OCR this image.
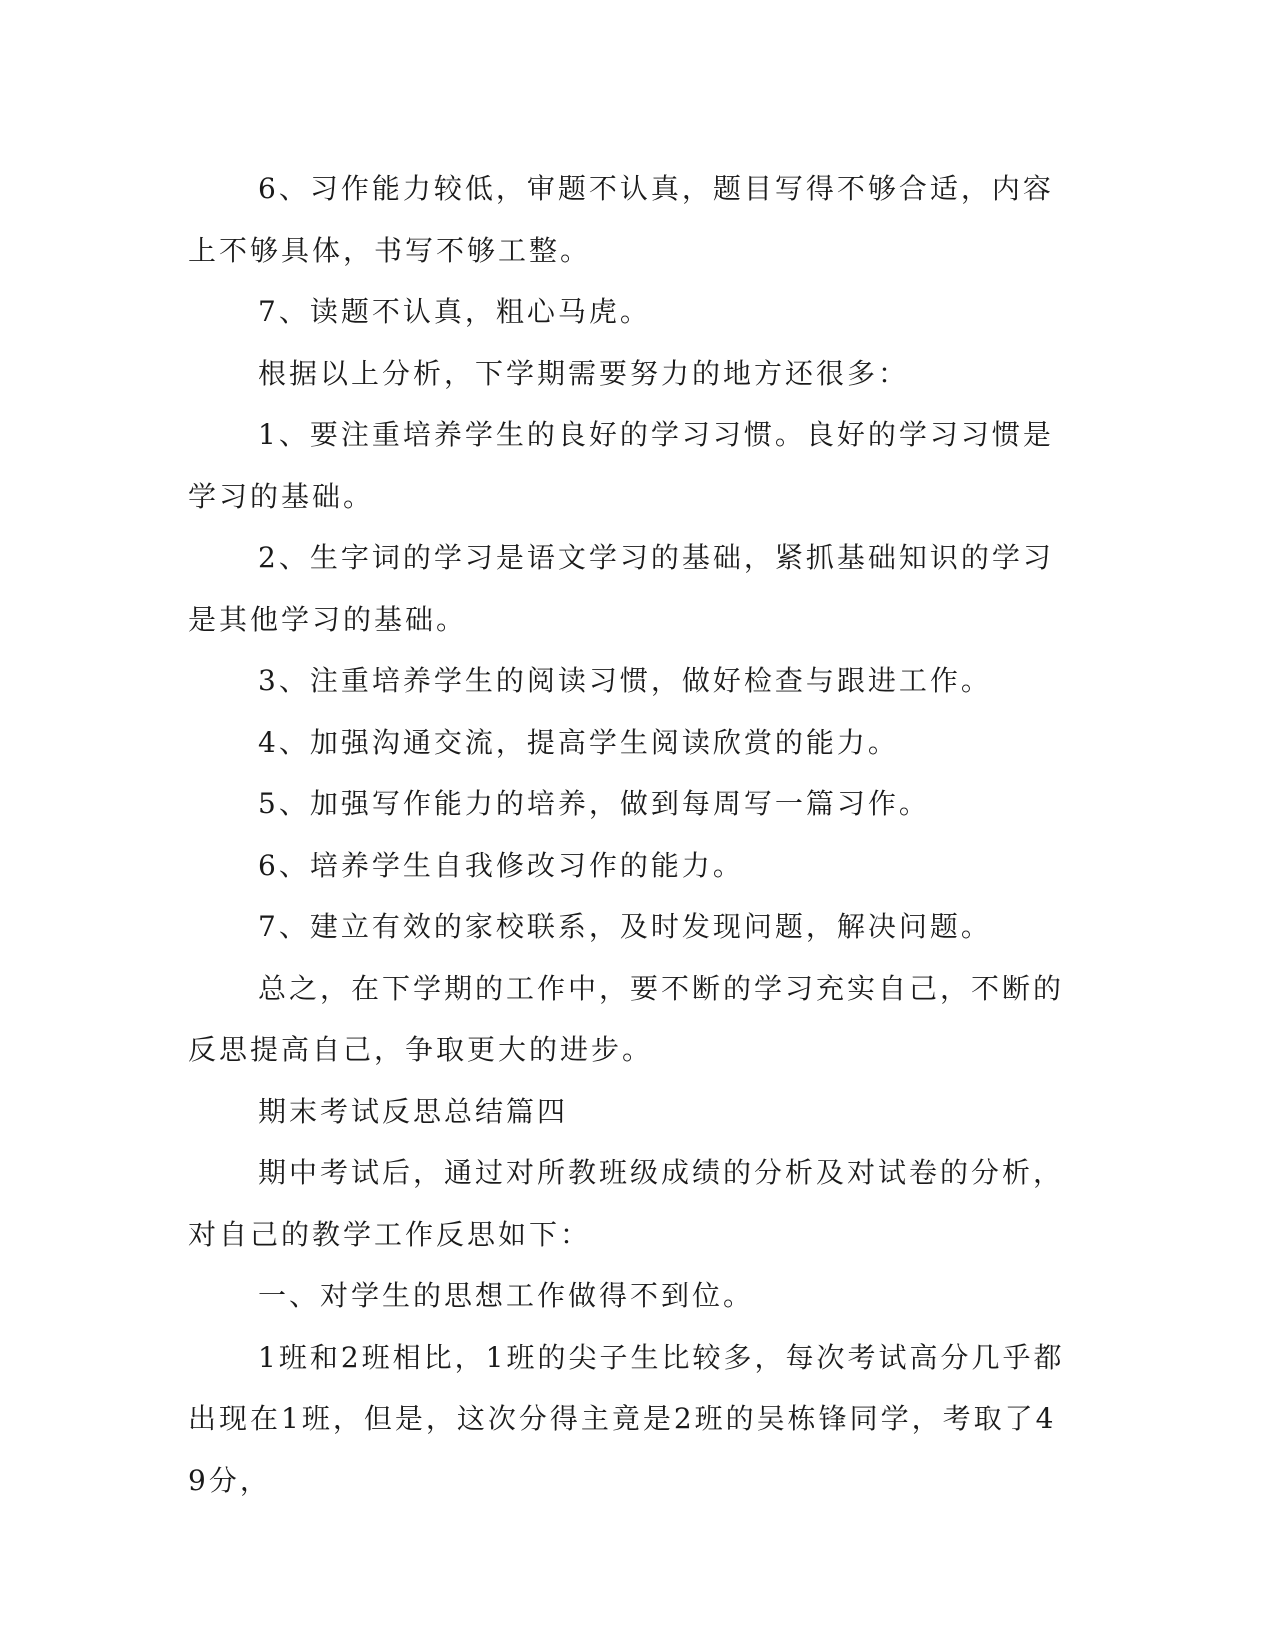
6、习作能力较低，审题不认真，题目写得不够合适，内容上不够具体，书写不够工整。

7、读题不认真，粗心马虎。

根据以上分析，下学期需要努力的地方还很多：

1、要注重培养学生的良好的学习习惯。良好的学习习惯是学习的基础。

2、生字词的学习是语文学习的基础，紧抓基础知识的学习是其他学习的基础。

3、注重培养学生的阅读习惯，做好检查与跟进工作。

4、加强沟通交流，提高学生阅读欣赏的能力。

5、加强写作能力的培养，做到每周写一篇习作。

6、培养学生自我修改习作的能力。

7、建立有效的家校联系，及时发现问题，解决问题。

总之，在下学期的工作中，要不断的学习充实自己，不断的反思提高自己，争取更大的进步。

期末考试反思总结篇四

期中考试后，通过对所教班级成绩的分析及对试卷的分析，对自己的教学工作反思如下：

一、对学生的思想工作做得不到位。

1班和2班相比，1班的尖子生比较多，每次考试高分几乎都出现在1班，但是，这次分得主竟是2班的吴栋锋同学，考取了49分，
